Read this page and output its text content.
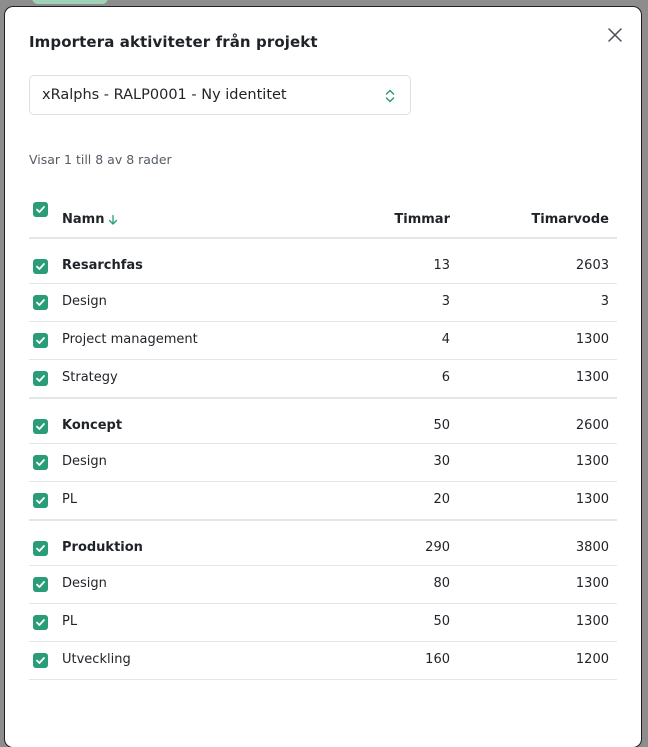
Importera aktiviteter från projekt
xRalphs - RALP0001 - Ny identitet
Visar 1 till 8 av 8 rader
Namn	Timmar	Timarvode
Resarchfas	13	2603
Design	3	3
Project management	4	1300
Strategy	6	1300
Koncept	50	2600
Design	30	1300
PL	20	1300
Produktion	290	3800
Design	80	1300
PL	50	1300
Utveckling	160	1200
